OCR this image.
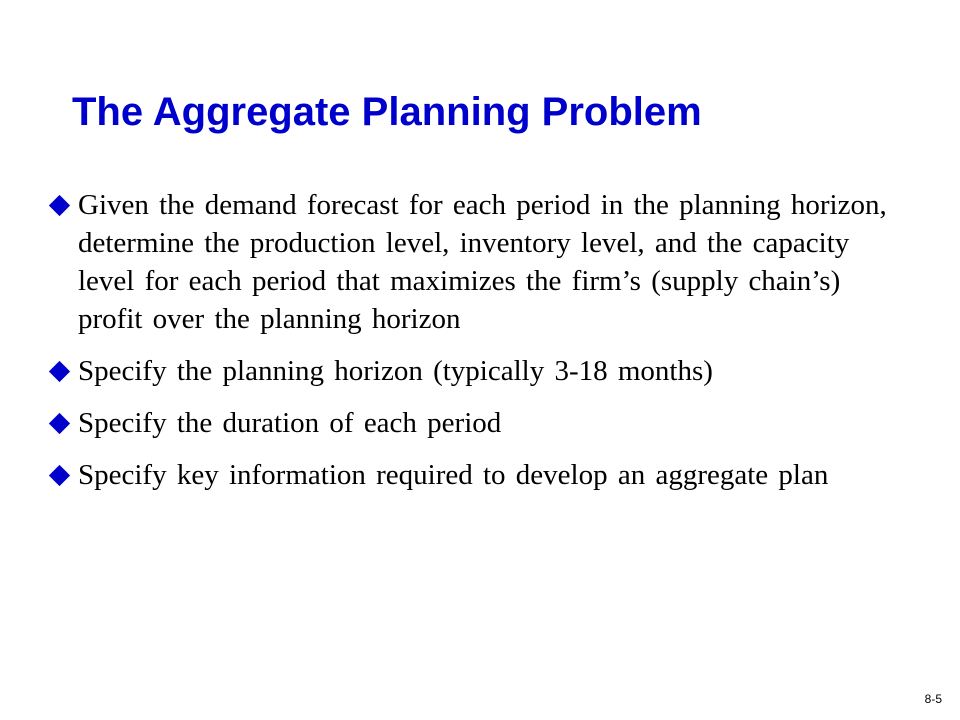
The Aggregate Planning Problem
Given the demand forecast for each period in the planning horizon, determine the production level, inventory level, and the capacity level for each period that maximizes the firm’s (supply chain’s) profit over the planning horizon
Specify the planning horizon (typically 3-18 months)
Specify the duration of each period
Specify key information required to develop an aggregate plan
8-5
